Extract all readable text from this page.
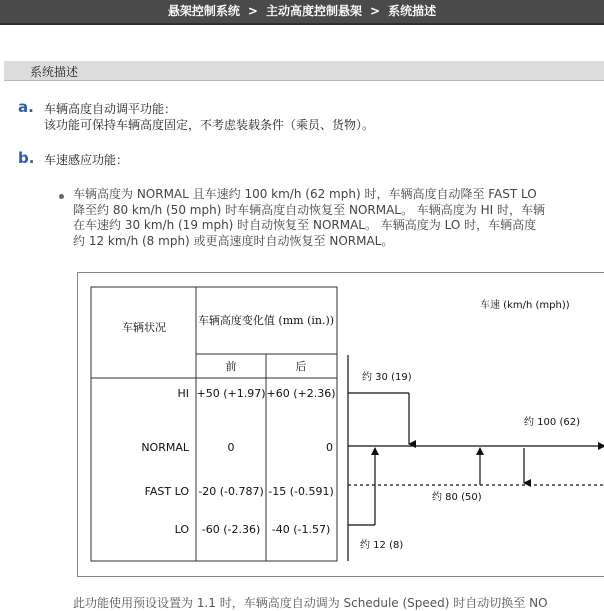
悬架控制系统 > 主动高度控制悬架 > 系统描述
系统描述
a. 车辆高度自动调平功能：
该功能可保持车辆高度固定，不考虑装载条件（乘员、货物）。
b. 车速感应功能：
车辆高度为 NORMAL 且车速约 100 km/h (62 mph) 时，车辆高度自动降至 FAST LO
降至约 80 km/h (50 mph) 时车辆高度自动恢复至 NORMAL。 车辆高度为 HI 时，车辆
在车速约 30 km/h (19 mph) 时自动恢复至 NORMAL。 车辆高度为 LO 时，车辆高度
约 12 km/h (8 mph) 或更高速度时自动恢复至 NORMAL。
车辆状况
车辆高度变化值 (mm (in.))
前	后
HI +50 (+1.97) +60 (+2.36)
NORMAL	0	0
FAST LO -20 (-0.787) -15 (-0.591)
LO -60 (-2.36) -40 (-1.57)
车速 (km/h (mph))
约 30 (19)
约 100 (62)
约 80 (50)
约 12 (8)
此功能使用预设设置为 1.1 时，车辆高度自动调为 Schedule (Speed) 时自动切换至 NO
